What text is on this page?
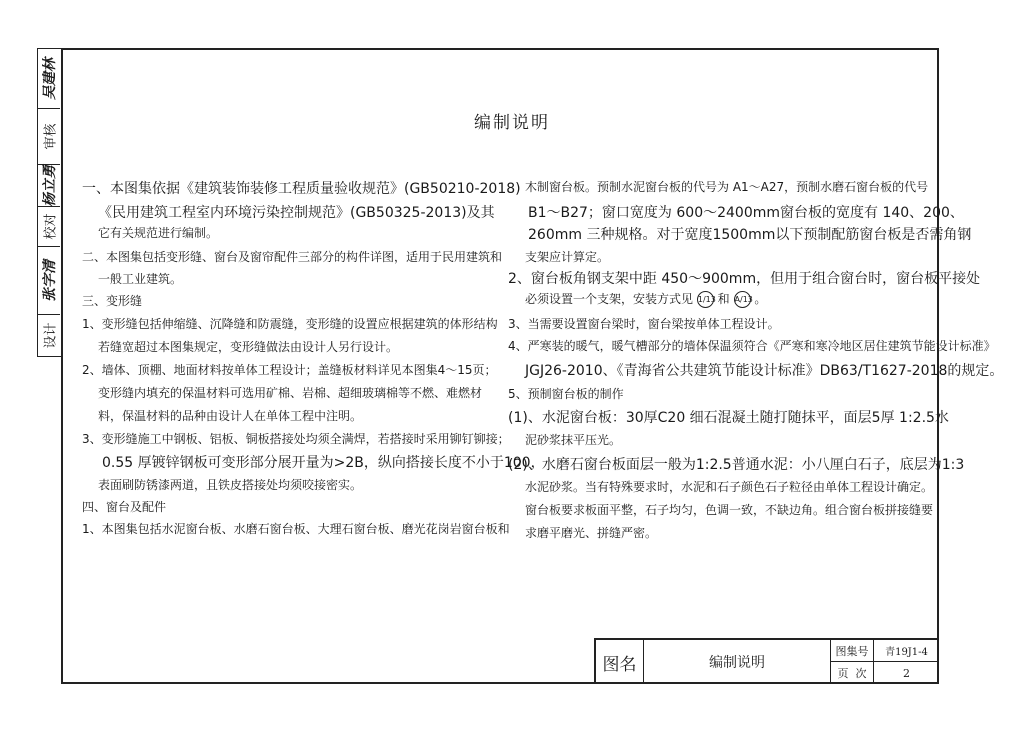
吴建林
审核
杨立勇
校对
张字清
设计
编制说明

一、本图集依据《建筑装饰装修工程质量验收规范》(GB50210-2018)

《民用建筑工程室内环境污染控制规范》(GB50325-2013)及其

它有关规范进行编制。

二、本图集包括变形缝、窗台及窗帘配件三部分的构件详图，适用于民用建筑和

一般工业建筑。

三、变形缝

1、变形缝包括伸缩缝、沉降缝和防震缝，变形缝的设置应根据建筑的体形结构

若缝宽超过本图集规定，变形缝做法由设计人另行设计。

2、墙体、顶棚、地面材料按单体工程设计；盖缝板材料详见本图集4～15页；

变形缝内填充的保温材料可选用矿棉、岩棉、超细玻璃棉等不燃、难燃材

料，保温材料的品种由设计人在单体工程中注明。

3、变形缝施工中钢板、铝板、铜板搭接处均须全满焊，若搭接时采用铆钉铆接；

0.55 厚镀锌钢板可变形部分展开量为>2B，纵向搭接长度不小于100，

表面刷防锈漆两道，且铁皮搭接处均须咬接密实。

四、窗台及配件

1、本图集包括水泥窗台板、水磨石窗台板、大理石窗台板、磨光花岗岩窗台板和

木制窗台板。预制水泥窗台板的代号为 A1～A27，预制水磨石窗台板的代号

B1～B27；窗口宽度为 600～2400mm窗台板的宽度有 140、200、

260mm 三种规格。对于宽度1500mm以下预制配筋窗台板是否需角钢

支架应计算定。

2、窗台板角钢支架中距 450～900mm，但用于组合窗台时，窗台板平接处

必须设置一个支架，安装方式见 1/13 和 A/13 。

3、当需要设置窗台梁时，窗台梁按单体工程设计。

4、严寒装的暖气，暖气槽部分的墙体保温须符合《严寒和寒冷地区居住建筑节能设计标准》

JGJ26-2010、《青海省公共建筑节能设计标准》DB63/T1627-2018的规定。

5、预制窗台板的制作

(1)、水泥窗台板：30厚C20 细石混凝土随打随抹平，面层5厚 1:2.5水

泥砂浆抹平压光。

(2)、水磨石窗台板面层一般为1:2.5普通水泥：小八厘白石子，底层为1:3

水泥砂浆。当有特殊要求时，水泥和石子颜色石子粒径由单体工程设计确定。

窗台板要求板面平整，石子均匀，色调一致，不缺边角。组合窗台板拼接缝要

求磨平磨光、拼缝严密。

图名	编制说明
图集号	青19J1-4
页  次	2
